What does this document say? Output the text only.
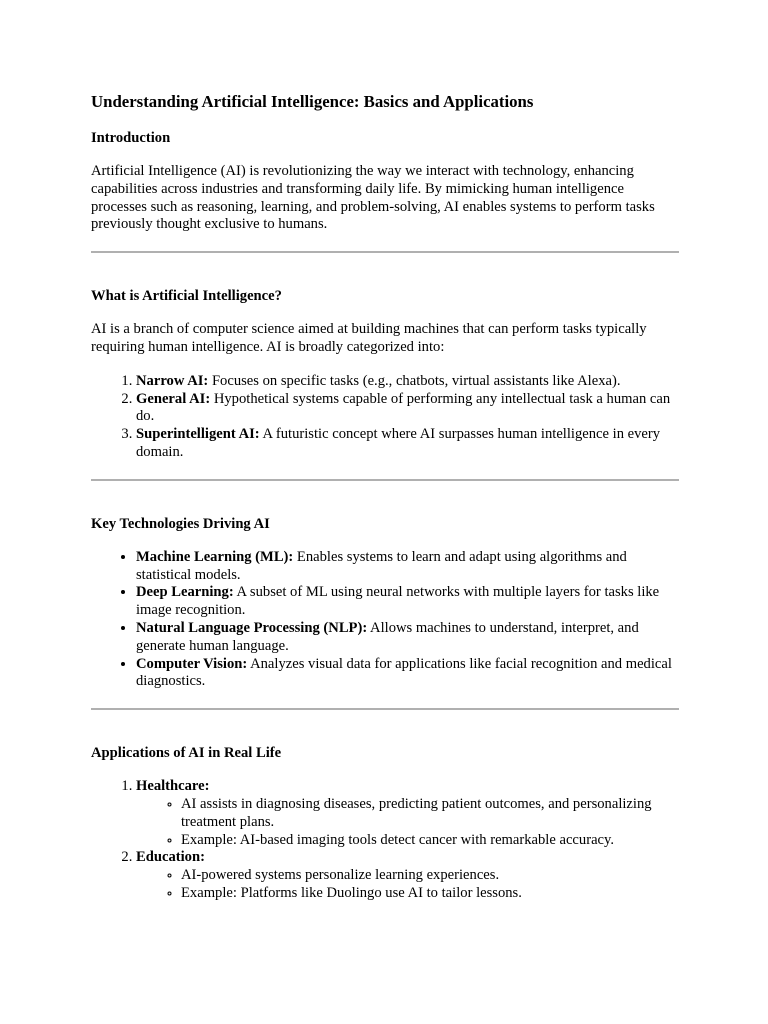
Understanding Artificial Intelligence: Basics and Applications
Introduction

Artificial Intelligence (AI) is revolutionizing the way we interact with technology, enhancing capabilities across industries and transforming daily life. By mimicking human intelligence processes such as reasoning, learning, and problem-solving, AI enables systems to perform tasks previously thought exclusive to humans.

What is Artificial Intelligence?

AI is a branch of computer science aimed at building machines that can perform tasks typically requiring human intelligence. AI is broadly categorized into:

1. Narrow AI: Focuses on specific tasks (e.g., chatbots, virtual assistants like Alexa).
2. General AI: Hypothetical systems capable of performing any intellectual task a human can do.
3. Superintelligent AI: A futuristic concept where AI surpasses human intelligence in every domain.
Key Technologies Driving AI
• Machine Learning (ML): Enables systems to learn and adapt using algorithms and statistical models.
• Deep Learning: A subset of ML using neural networks with multiple layers for tasks like image recognition.
• Natural Language Processing (NLP): Allows machines to understand, interpret, and generate human language.
• Computer Vision: Analyzes visual data for applications like facial recognition and medical diagnostics.
Applications of AI in Real Life
1. Healthcare:
◦ AI assists in diagnosing diseases, predicting patient outcomes, and personalizing treatment plans.
◦ Example: AI-based imaging tools detect cancer with remarkable accuracy.
2. Education:
◦ AI-powered systems personalize learning experiences.
◦ Example: Platforms like Duolingo use AI to tailor lessons.
